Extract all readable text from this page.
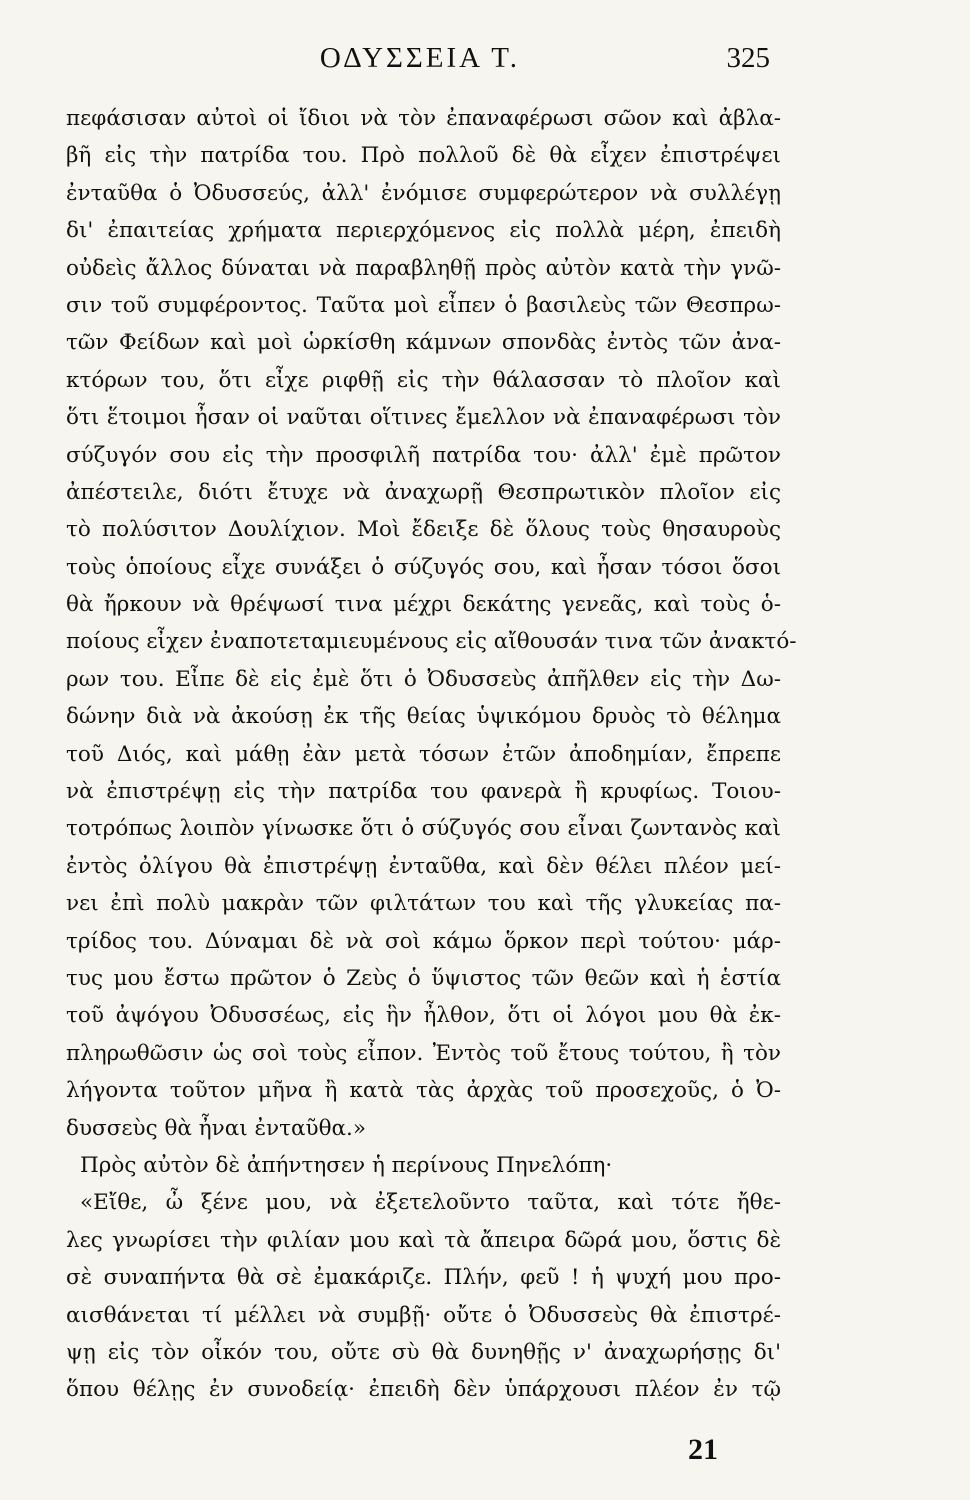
ΟΔΥΣΣΕΙΑ Τ.	325
πεφάσισαν αὐτοὶ οἱ ἴδιοι νὰ τὸν ἐπαναφέρωσι σῶον καὶ ἀβλα-
βῆ εἰς τὴν πατρίδα του. Πρὸ πολλοῦ δὲ θὰ εἶχεν ἐπιστρέψει
ἐνταῦθα ὁ Ὀδυσσεύς, ἀλλ' ἐνόμισε συμφερώτερον νὰ συλλέγῃ
δι' ἐπαιτείας χρήματα περιερχόμενος εἰς πολλὰ μέρη, ἐπειδὴ
οὐδεὶς ἄλλος δύναται νὰ παραβληθῇ πρὸς αὐτὸν κατὰ τὴν γνῶ-
σιν τοῦ συμφέροντος. Ταῦτα μοὶ εἶπεν ὁ βασιλεὺς τῶν Θεσπρω-
τῶν Φείδων καὶ μοὶ ὡρκίσθη κάμνων σπονδὰς ἐντὸς τῶν ἀνα-
κτόρων του, ὅτι εἶχε ριφθῇ εἰς τὴν θάλασσαν τὸ πλοῖον καὶ
ὅτι ἕτοιμοι ἦσαν οἱ ναῦται οἵτινες ἔμελλον νὰ ἐπαναφέρωσι τὸν
σύζυγόν σου εἰς τὴν προσφιλῆ πατρίδα του· ἀλλ' ἐμὲ πρῶτον
ἀπέστειλε, διότι ἔτυχε νὰ ἀναχωρῇ Θεσπρωτικὸν πλοῖον εἰς
τὸ πολύσιτον Δουλίχιον. Μοὶ ἔδειξε δὲ ὅλους τοὺς θησαυροὺς
τοὺς ὁποίους εἶχε συνάξει ὁ σύζυγός σου, καὶ ἦσαν τόσοι ὅσοι
θὰ ἤρκουν νὰ θρέψωσί τινα μέχρι δεκάτης γενεᾶς, καὶ τοὺς ὁ-
ποίους εἶχεν ἐναποτεταμιευμένους εἰς αἴθουσάν τινα τῶν ἀνακτό-
ρων του. Εἶπε δὲ εἰς ἐμὲ ὅτι ὁ Ὀδυσσεὺς ἀπῆλθεν εἰς τὴν Δω-
δώνην διὰ νὰ ἀκούσῃ ἐκ τῆς θείας ὑψικόμου δρυὸς τὸ θέλημα
τοῦ Διός, καὶ μάθῃ ἐὰν μετὰ τόσων ἐτῶν ἀποδημίαν, ἔπρεπε
νὰ ἐπιστρέψῃ εἰς τὴν πατρίδα του φανερὰ ἢ κρυφίως. Τοιου-
τοτρόπως λοιπὸν γίνωσκε ὅτι ὁ σύζυγός σου εἶναι ζωντανὸς καὶ
ἐντὸς ὀλίγου θὰ ἐπιστρέψῃ ἐνταῦθα, καὶ δὲν θέλει πλέον μεί-
νει ἐπὶ πολὺ μακρὰν τῶν φιλτάτων του καὶ τῆς γλυκείας πα-
τρίδος του. Δύναμαι δὲ νὰ σοὶ κάμω ὅρκον περὶ τούτου· μάρ-
τυς μου ἔστω πρῶτον ὁ Ζεὺς ὁ ὕψιστος τῶν θεῶν καὶ ἡ ἑστία
τοῦ ἀψόγου Ὀδυσσέως, εἰς ἣν ἦλθον, ὅτι οἱ λόγοι μου θὰ ἐκ-
πληρωθῶσιν ὡς σοὶ τοὺς εἶπον. Ἐντὸς τοῦ ἔτους τούτου, ἢ τὸν
λήγοντα τοῦτον μῆνα ἢ κατὰ τὰς ἀρχὰς τοῦ προσεχοῦς, ὁ Ὀ-
δυσσεὺς θὰ ἦναι ἐνταῦθα.»
Πρὸς αὐτὸν δὲ ἀπήντησεν ἡ περίνους Πηνελόπη·
«Εἴθε, ὦ ξένε μου, νὰ ἐξετελοῦντο ταῦτα, καὶ τότε ἤθε-
λες γνωρίσει τὴν φιλίαν μου καὶ τὰ ἄπειρα δῶρά μου, ὅστις δὲ
σὲ συναπήντα θὰ σὲ ἐμακάριζε. Πλήν, φεῦ ! ἡ ψυχή μου προ-
αισθάνεται τί μέλλει νὰ συμβῇ· οὔτε ὁ Ὀδυσσεὺς θὰ ἐπιστρέ-
ψῃ εἰς τὸν οἶκόν του, οὔτε σὺ θὰ δυνηθῇς ν' ἀναχωρήσῃς δι'
ὅπου θέλῃς ἐν συνοδείᾳ· ἐπειδὴ δὲν ὑπάρχουσι πλέον ἐν τῷ
21
